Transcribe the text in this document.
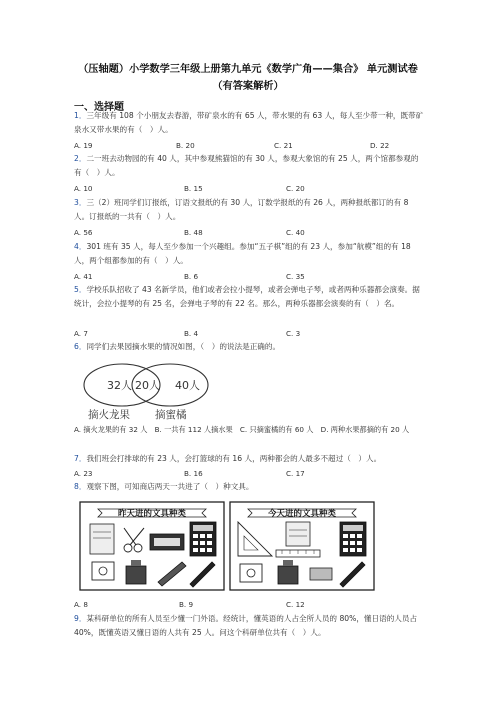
（压轴题）小学数学三年级上册第九单元《数学广角——集合》 单元测试卷
（有答案解析）
一、选择题
1．三年级有 108 个小朋友去春游，带矿泉水的有 65 人，带水果的有 63 人，每人至少带一种，既带矿泉水又带水果的有（　）人。
A. 19	B. 20	C. 21	D. 22
2．二一班去动物园的有 40 人，其中参观熊猫馆的有 30 人，参观大象馆的有 25 人，两个馆都参观的有（　）人。
A. 10	B. 15	C. 20
3．三（2）班同学们订报纸，订语文报纸的有 30 人，订数学报纸的有 26 人，两种报纸都订的有 8 人。订报纸的一共有（　）人。
A. 56	B. 48	C. 40
4．301 班有 35 人，每人至少参加一个兴趣组。参加“五子棋”组的有 23 人，参加“航模”组的有 18 人，两个组都参加的有（　）人。
A. 41	B. 6	C. 35
5．学校乐队招收了 43 名新学员，他们或者会拉小提琴，或者会弹电子琴，或者两种乐器都会演奏。据统计，会拉小提琴的有 25 名，会弹电子琴的有 22 名。那么，两种乐器都会演奏的有（　）名。
A. 7	B. 4	C. 3
6．同学们去果园摘水果的情况如图，（　）的说法是正确的。
32人 20人 40人
摘火龙果 摘蜜橘
A. 摘火龙果的有 32 人　B. 一共有 112 人摘水果　C. 只摘蜜橘的有 60 人　D. 两种水果都摘的有 20 人
7．我们班会打排球的有 23 人，会打篮球的有 16 人，两种都会的人最多不超过（　）人。
A. 23	B. 16	C. 17
8．观察下图，可知商店两天一共进了（　）种文具。
昨天进的文具种类	今天进的文具种类
A. 8	B. 9	C. 12
9．某科研单位的所有人员至少懂一门外语。经统计，懂英语的人占全所人员的 80%，懂日语的人员占 40%，既懂英语又懂日语的人共有 25 人。问这个科研单位共有（　）人。
